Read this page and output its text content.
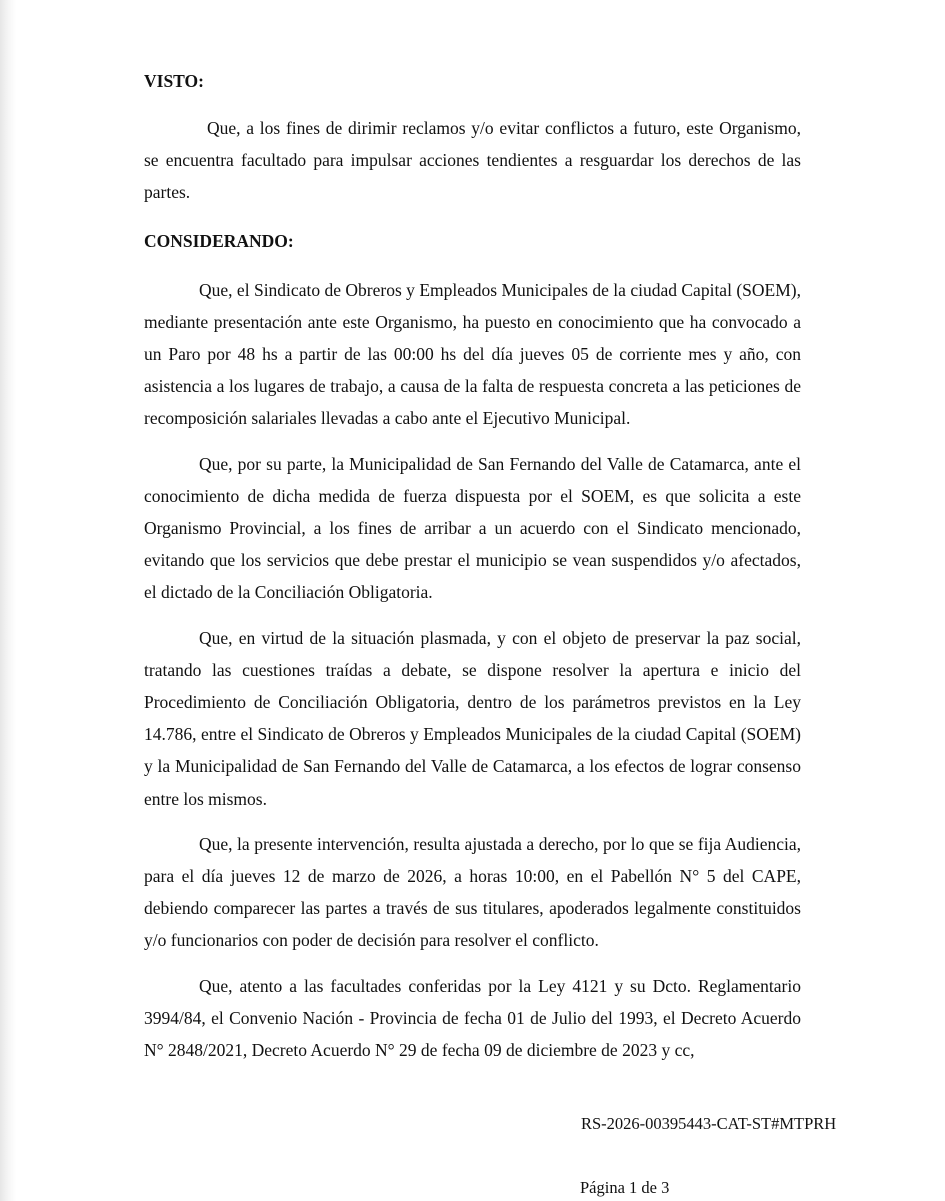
VISTO:

Que, a los fines de dirimir reclamos y/o evitar conflictos a futuro, este Organismo, se encuentra facultado para impulsar acciones tendientes a resguardar los derechos de las partes.

CONSIDERANDO:

Que, el Sindicato de Obreros y Empleados Municipales de la ciudad Capital (SOEM), mediante presentación ante este Organismo, ha puesto en conocimiento que ha convocado a un Paro por 48 hs a partir de las 00:00 hs del día jueves 05 de corriente mes y año, con asistencia a los lugares de trabajo, a causa de la falta de respuesta concreta a las peticiones de recomposición salariales llevadas a cabo ante el Ejecutivo Municipal.

Que, por su parte, la Municipalidad de San Fernando del Valle de Catamarca, ante el conocimiento de dicha medida de fuerza dispuesta por el SOEM, es que solicita a este Organismo Provincial, a los fines de arribar a un acuerdo con el Sindicato mencionado, evitando que los servicios que debe prestar el municipio se vean suspendidos y/o afectados, el dictado de la Conciliación Obligatoria.

Que, en virtud de la situación plasmada, y con el objeto de preservar la paz social, tratando las cuestiones traídas a debate, se dispone resolver la apertura e inicio del Procedimiento de Conciliación Obligatoria, dentro de los parámetros previstos en la Ley 14.786, entre el Sindicato de Obreros y Empleados Municipales de la ciudad Capital (SOEM) y la Municipalidad de San Fernando del Valle de Catamarca, a los efectos de lograr consenso entre los mismos.

Que, la presente intervención, resulta ajustada a derecho, por lo que se fija Audiencia, para el día jueves 12 de marzo de 2026, a horas 10:00, en el Pabellón N° 5 del CAPE, debiendo comparecer las partes a través de sus titulares, apoderados legalmente constituidos y/o funcionarios con poder de decisión para resolver el conflicto.

Que, atento a las facultades conferidas por la Ley 4121 y su Dcto. Reglamentario 3994/84, el Convenio Nación - Provincia de fecha 01 de Julio del 1993, el Decreto Acuerdo N° 2848/2021, Decreto Acuerdo N° 29 de fecha 09 de diciembre de 2023 y cc,

RS-2026-00395443-CAT-ST#MTPRH
Página 1 de 3
